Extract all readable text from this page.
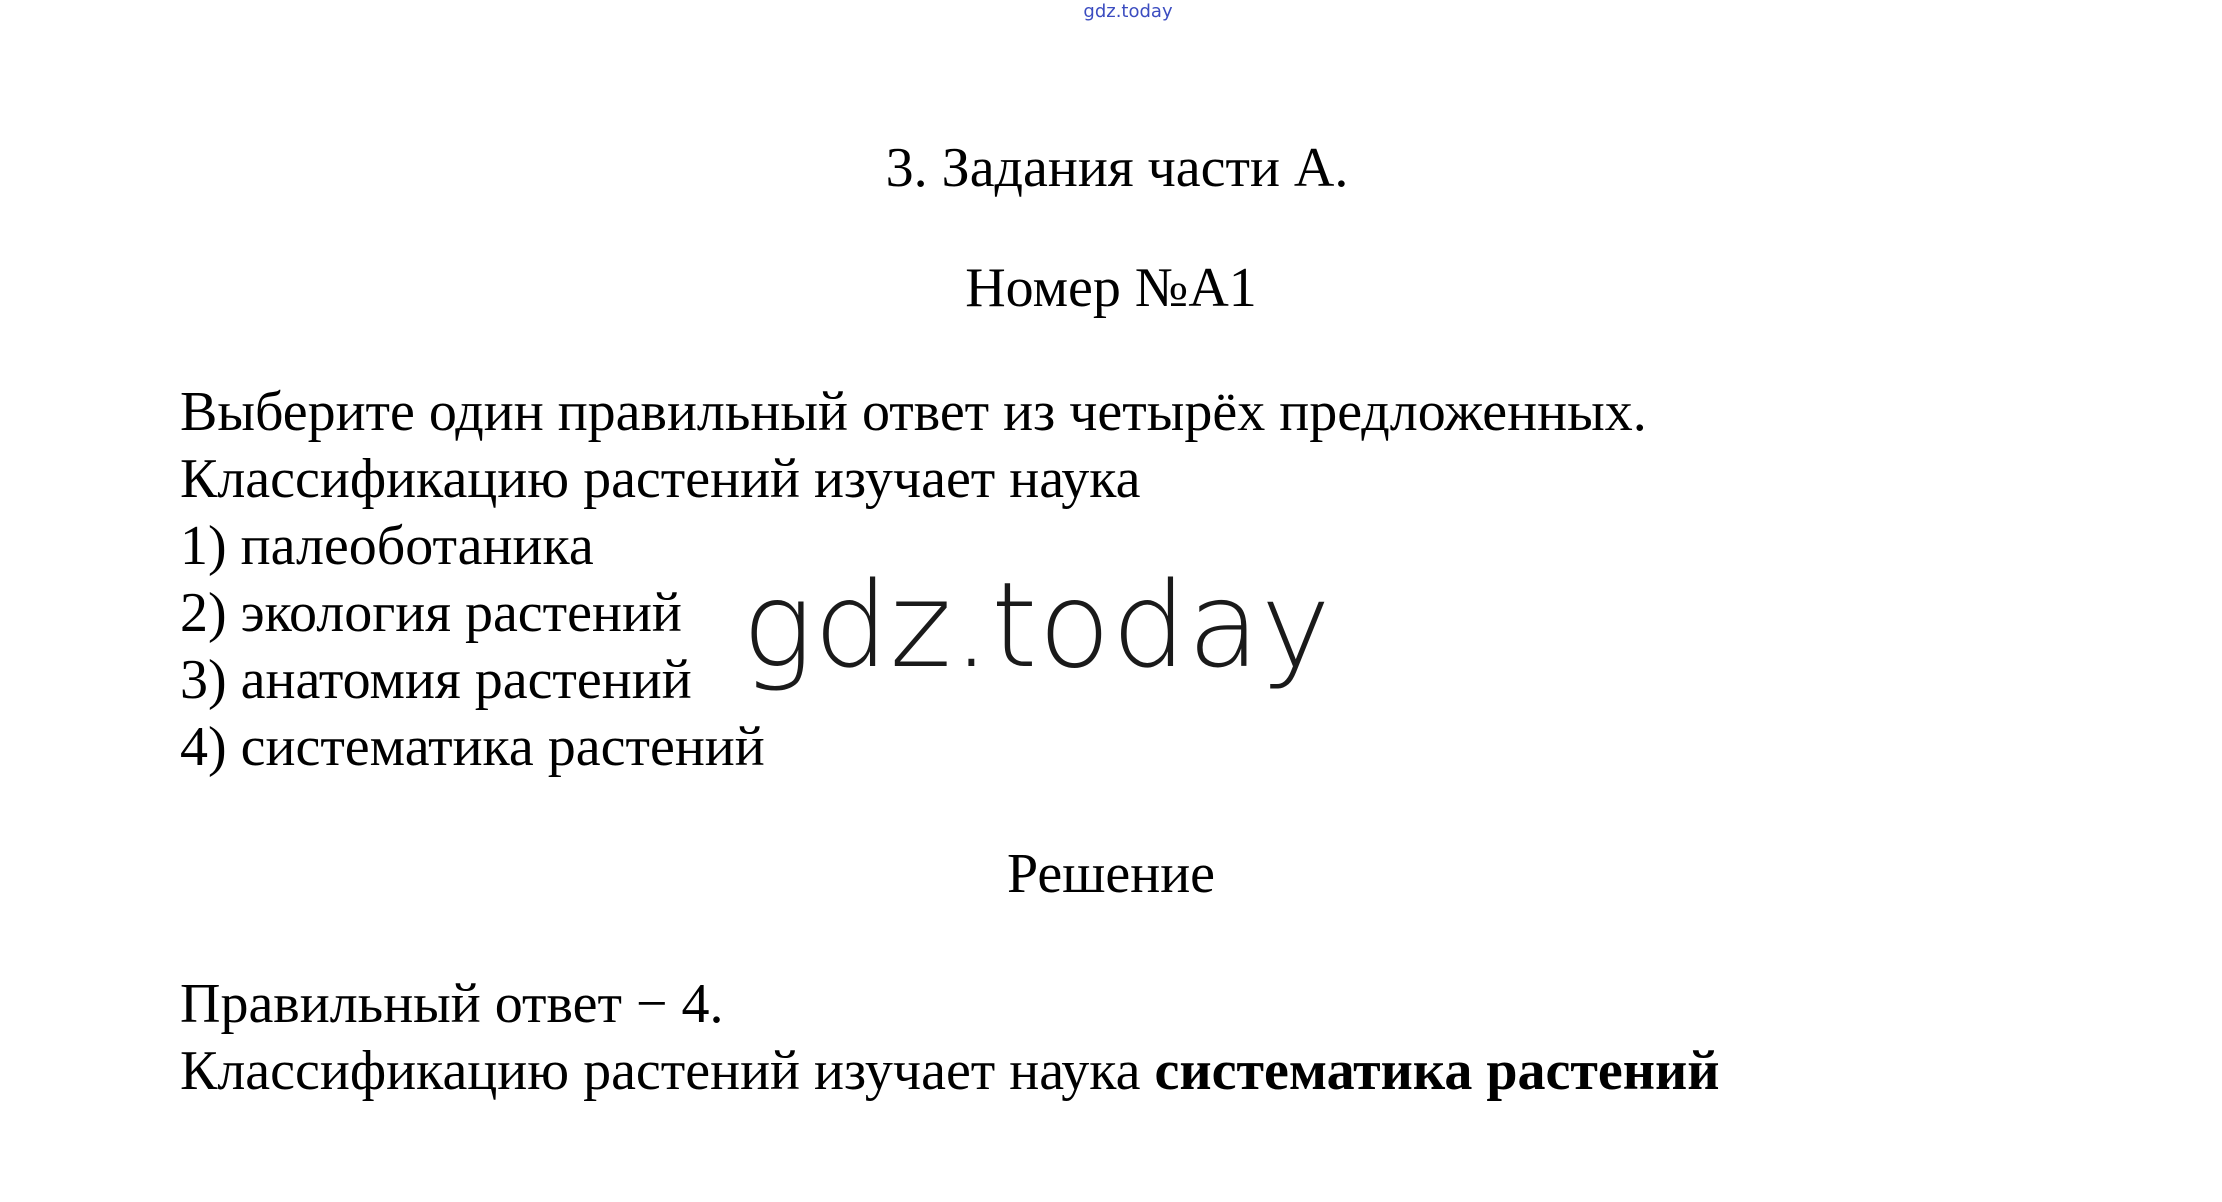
gdz.today
3. Задания части А.
Номер №А1
Выберите один правильный ответ из четырёх предложенных.
Классификацию растений изучает наука
1) палеоботаника
2) экология растений
3) анатомия растений
4) систематика растений
gdz.today
Решение
Правильный ответ − 4.
Классификацию растений изучает наука систематика растений
